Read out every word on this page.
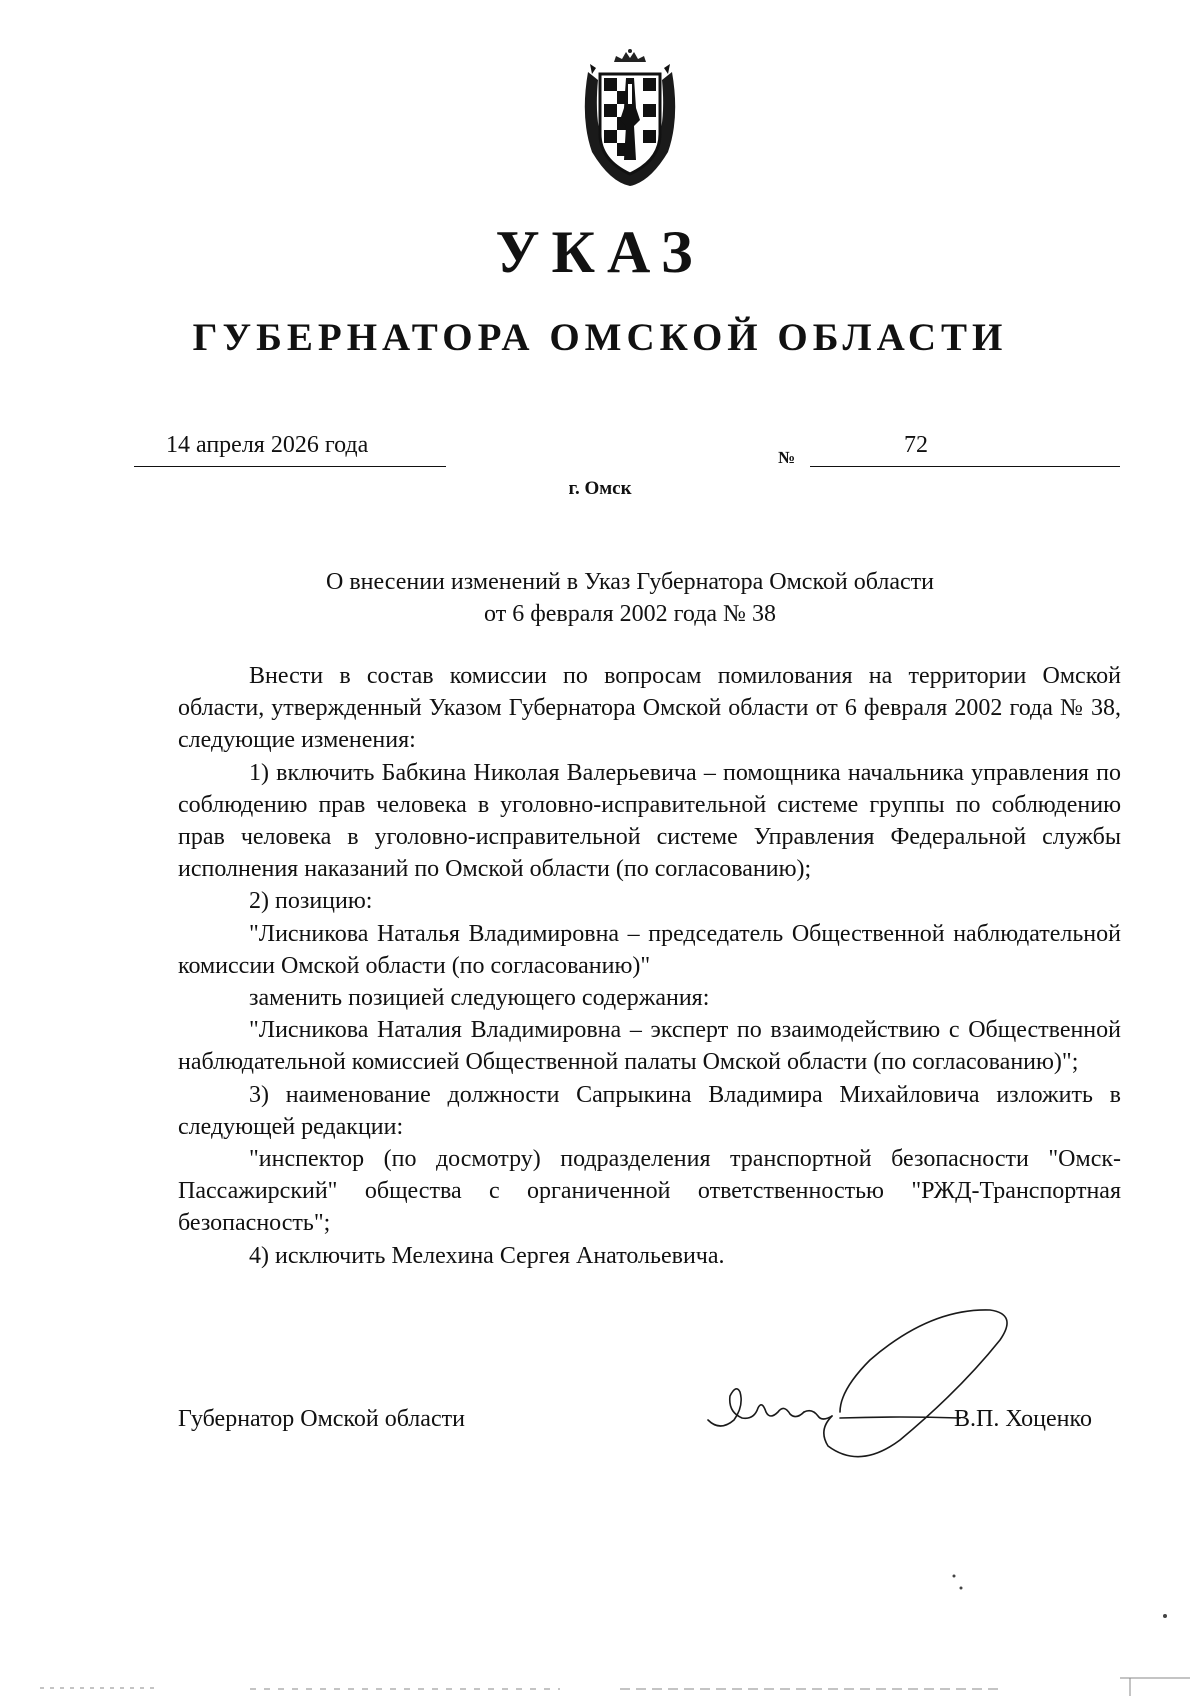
УКАЗ
ГУБЕРНАТОРА ОМСКОЙ ОБЛАСТИ
14 апреля 2026 года	№	72
г. Омск
О внесении изменений в Указ Губернатора Омской области
от 6 февраля 2002 года № 38

Внести в состав комиссии по вопросам помилования на территории Омской области, утвержденный Указом Губернатора Омской области от 6 февраля 2002 года № 38, следующие изменения:

1) включить Бабкина Николая Валерьевича – помощника начальника управления по соблюдению прав человека в уголовно-исправительной системе группы по соблюдению прав человека в уголовно-исправительной системе Управления Федеральной службы исполнения наказаний по Омской области (по согласованию);

2) позицию:

"Лисникова Наталья Владимировна – председатель Общественной наблюдательной комиссии Омской области (по согласованию)"

заменить позицией следующего содержания:

"Лисникова Наталия Владимировна – эксперт по взаимодействию с Общественной наблюдательной комиссией Общественной палаты Омской области (по согласованию)";

3) наименование должности Сапрыкина Владимира Михайловича изложить в следующей редакции:

"инспектор (по досмотру) подразделения транспортной безопасности "Омск-Пассажирский" общества с органиченной ответственностью "РЖД-Транспортная безопасность";

4) исключить Мелехина Сергея Анатольевича.

Губернатор Омской области	В.П. Хоценко
